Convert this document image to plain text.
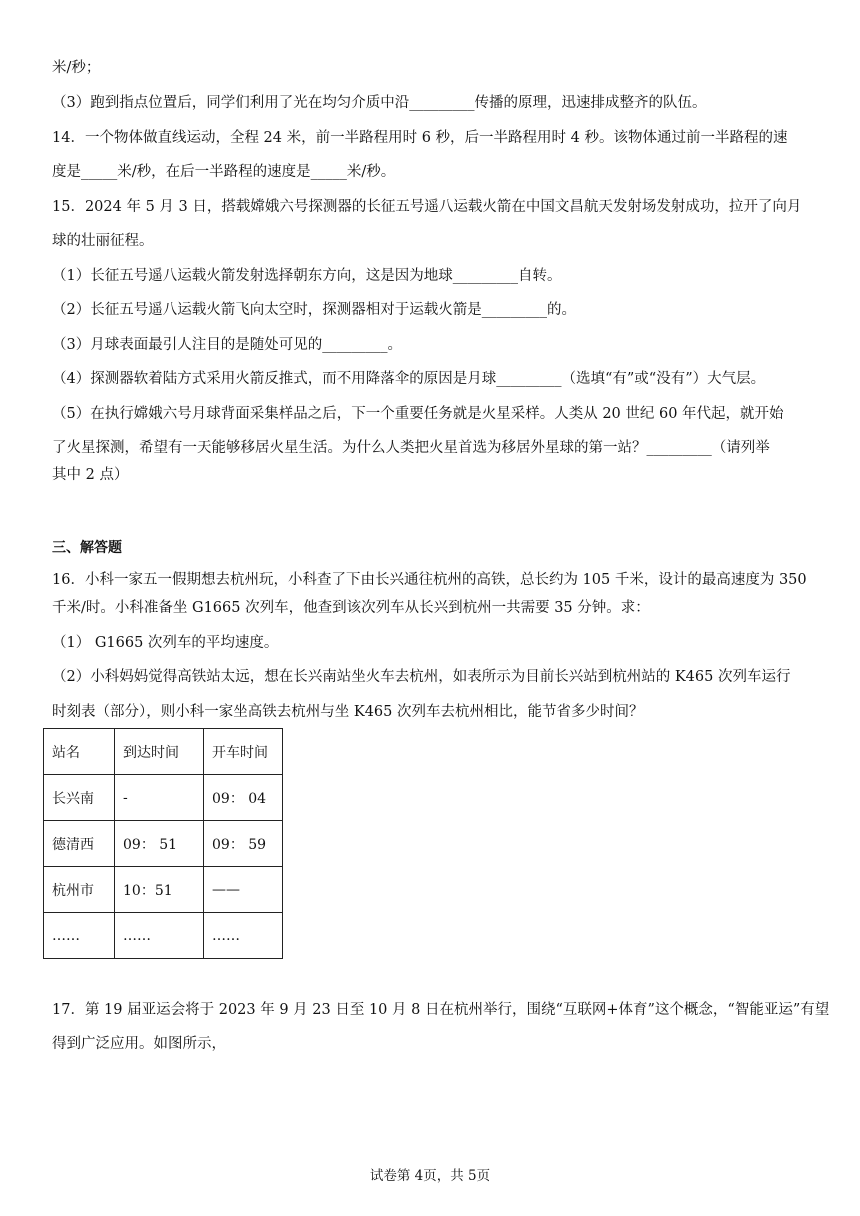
米/秒；
（3）跑到指点位置后，同学们利用了光在均匀介质中沿_________传播的原理，迅速排成整齐的队伍。
14．一个物体做直线运动，全程 24 米，前一半路程用时 6 秒，后一半路程用时 4 秒。该物体通过前一半路程的速
度是_____米/秒，在后一半路程的速度是_____米/秒。
15．2024 年 5 月 3 日，搭载嫦娥六号探测器的长征五号遥八运载火箭在中国文昌航天发射场发射成功，拉开了向月
球的壮丽征程。
（1）长征五号遥八运载火箭发射选择朝东方向，这是因为地球_________自转。
（2）长征五号遥八运载火箭飞向太空时，探测器相对于运载火箭是_________的。
（3）月球表面最引人注目的是随处可见的_________。
（4）探测器软着陆方式采用火箭反推式，而不用降落伞的原因是月球_________（选填“有”或“没有”）大气层。
（5）在执行嫦娥六号月球背面采集样品之后，下一个重要任务就是火星采样。人类从 20 世纪 60 年代起，就开始
了火星探测，希望有一天能够移居火星生活。为什么人类把火星首选为移居外星球的第一站？_________（请列举
其中 2 点）
三、解答题
16．小科一家五一假期想去杭州玩，小科查了下由长兴通往杭州的高铁，总长约为 105 千米，设计的最高速度为 350
千米/时。小科准备坐 G1665 次列车，他查到该次列车从长兴到杭州一共需要 35 分钟。求：
（1） G1665 次列车的平均速度。
（2）小科妈妈觉得高铁站太远，想在长兴南站坐火车去杭州，如表所示为目前长兴站到杭州站的 K465 次列车运行
时刻表（部分），则小科一家坐高铁去杭州与坐 K465 次列车去杭州相比，能节省多少时间？
站名	到达时间	开车时间
长兴南	-	09： 04
德清西	09： 51	09： 59
杭州市	10：51	——
……	……	……
17．第 19 届亚运会将于 2023 年 9 月 23 日至 10 月 8 日在杭州举行，围绕“互联网+体育”这个概念，“智能亚运”有望
得到广泛应用。如图所示，
试卷第 4页，共 5页
